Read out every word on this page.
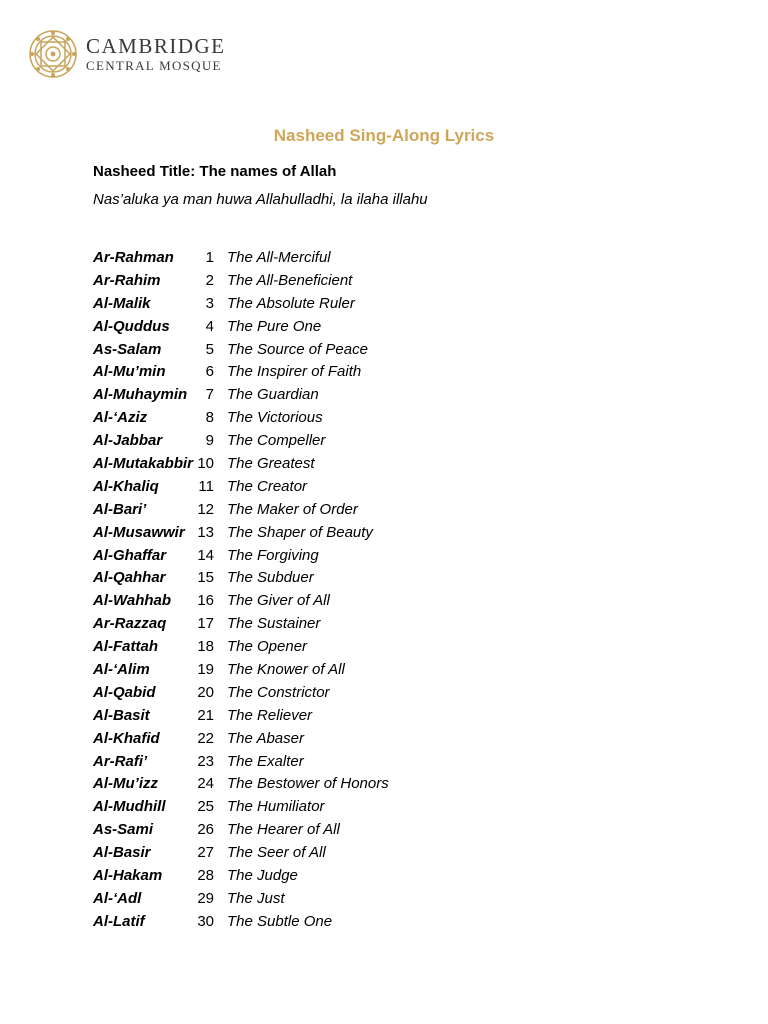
CAMBRIDGE
CENTRAL MOSQUE
Nasheed Sing-Along Lyrics
Nasheed Title: The names of Allah
Nas’aluka ya man huwa Allahulladhi, la ilaha illahu
Ar-Rahman	1 The All-Merciful
Ar-Rahim	2 The All-Beneficient
Al-Malik	3 The Absolute Ruler
Al-Quddus	4 The Pure One
As-Salam	5 The Source of Peace
Al-Mu’min	6 The Inspirer of Faith
Al-Muhaymin	7 The Guardian
Al-‘Aziz	8 The Victorious
Al-Jabbar	9 The Compeller
Al-Mutakabbir 10 The Greatest
Al-Khaliq	11 The Creator
Al-Bari’	12 The Maker of Order
Al-Musawwir 13 The Shaper of Beauty
Al-Ghaffar 14 The Forgiving
Al-Qahhar 15 The Subduer
Al-Wahhab 16 The Giver of All
Ar-Razzaq 17 The Sustainer
Al-Fattah	18 The Opener
Al-‘Alim	19 The Knower of All
Al-Qabid	20 The Constrictor
Al-Basit	21 The Reliever
Al-Khafid	22 The Abaser
Ar-Rafi’	23 The Exalter
Al-Mu’izz	24 The Bestower of Honors
Al-Mudhill 25 The Humiliator
As-Sami	26 The Hearer of All
Al-Basir	27 The Seer of All
Al-Hakam 28 The Judge
Al-‘Adl	29 The Just
Al-Latif	30 The Subtle One
